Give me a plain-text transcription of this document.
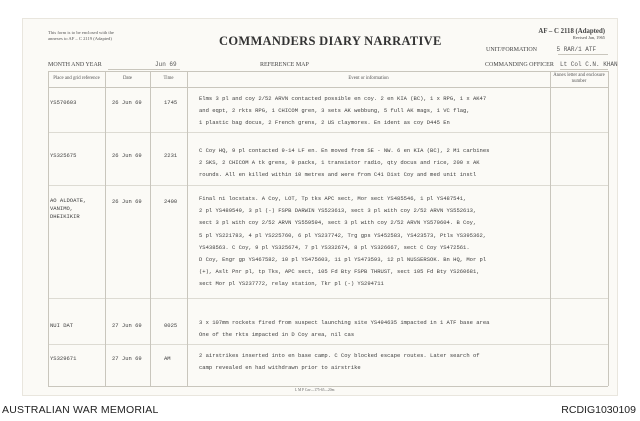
This form is to be enclosed with the
annexes to AF – C 2119 (Adapted)	COMMANDERS DIARY NARRATIVE
AF – C 2118 (Adapted)
Revised Jan, 1965
UNIT/FORMATION	5 RAR/1 ATF
MONTH AND YEAR	Jun 69	REFERENCE MAP	COMMANDING OFFICER Lt Col C.N. KHAN
Place and grid reference	Date	Time	Event or information
Annex letter and enclosure number
YS570603	26 Jun 69	1745
Elms 3 pl and coy 2/52 ARVN contacted possible en coy. 2 en KIA (BC), 1 x RPG, 1 x AK47
and eqpt, 2 rkts RPG, 1 CHICOM gren, 3 sets AK webbung, 5 full AK mags, 1 VC flag,
1 plastic bag docus, 2 French grens, 2 US claymores. En ident as coy D445 En
YS325675	26 Jun 69	2231
C Coy HQ, 9 pl contacted 9-14 LF en. En moved from SE - NW. 6 en KIA (BC), 2 M1 carbines
2 SKS, 2 CHICOM A tk grens, 9 packs, 1 transistor radio, qty docus and rice, 200 x AK
rounds. All en killed within 10 metres and were from C41 Dist Coy and med unit instl
AO ALDOATE, VANIMO, DHEIKIKIR
26 Jun 69	2400	Final ni locstats. A Coy, LOT, Tp tks APC sect, Mor sect YS485546, 1 pl YS487541,
2 pl YS489549, 3 pl (-) FSPB DARWIN YS523613, sect 3 pl with coy 2/52 ARVN YS552613,
sect 3 pl with coy 2/52 ARVN YS559594, sect 3 pl with coy 2/52 ARVN YS570604. B Coy,
5 pl YS221783, 4 pl YS225760, 6 pl YS237742, Trg gps YS452583, YS423573, Ptls YS395362,
YS438563. C Coy, 9 pl YS325674, 7 pl YS332674, 8 pl YS326667, sect C Coy YS472561.
D Coy, Engr gp YS467582, 10 pl YS475603, 11 pl YS473593, 12 pl NUSSERSOK. Bn HQ, Mor pl
(+), Aslt Pnr pl, tp Tks, APC sect, 105 Fd Bty FSPB THRUST, sect 105 Fd Bty YS260681,
sect Mor pl YS237772, relay station, Tkr pl (-) YS294711
NUI DAT	27 Jun 69	0025	3 x 107mm rockets fired from suspect launching site YS494635 impacted in 1 ATF base area
One of the rkts impacted in D Coy area, nil cas
YS329671	27 Jun 69	AM	2 airstrikes inserted into en base camp. C Coy blocked escape routes. Later search of
camp revealed en had withdrawn prior to airstrike
L M P Cav—175-65—20m
AUSTRALIAN WAR MEMORIAL	RCDIG1030109
